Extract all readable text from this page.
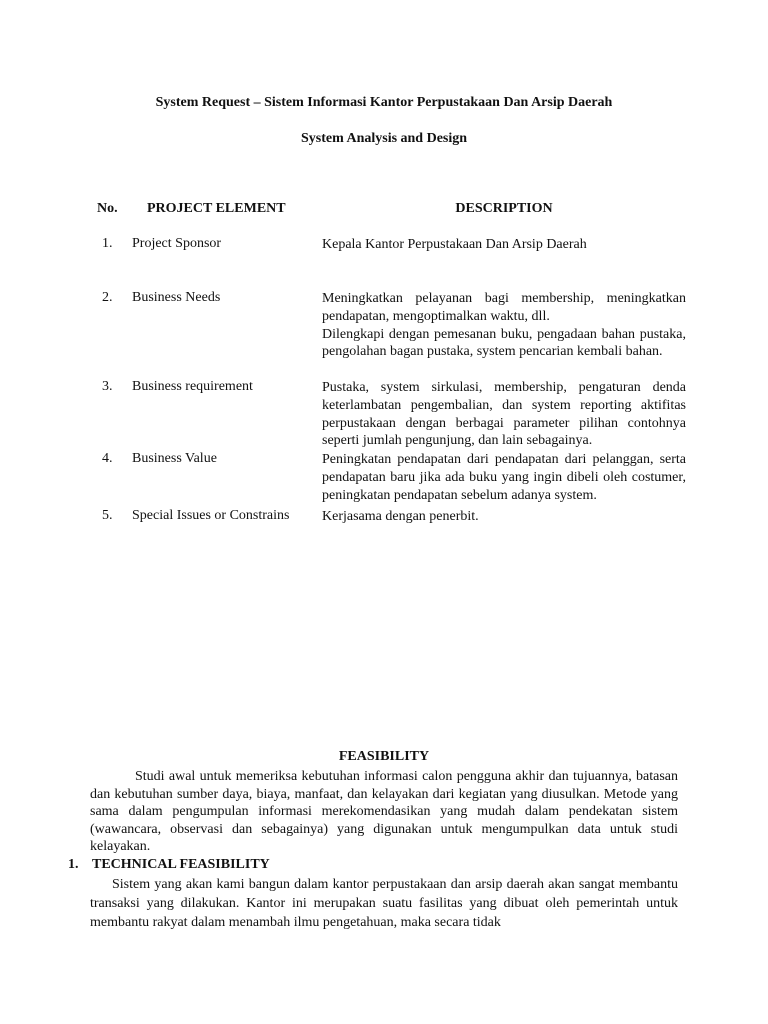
System Request – Sistem Informasi Kantor Perpustakaan Dan Arsip Daerah
System Analysis and Design
No. PROJECT ELEMENT	DESCRIPTION
1. Project Sponsor	Kepala Kantor Perpustakaan Dan Arsip Daerah
2. Business Needs	Meningkatkan pelayanan bagi membership, meningkatkan pendapatan, mengoptimalkan waktu, dll.
Dilengkapi dengan pemesanan buku, pengadaan bahan pustaka, pengolahan bagan pustaka, system pencarian kembali bahan.
3. Business requirement	Pustaka, system sirkulasi, membership, pengaturan denda keterlambatan pengembalian, dan system reporting aktifitas perpustakaan dengan berbagai parameter pilihan contohnya seperti jumlah pengunjung, dan lain sebagainya.
4. Business Value	Peningkatan pendapatan dari pendapatan dari pelanggan, serta pendapatan baru jika ada buku yang ingin dibeli oleh costumer, peningkatan pendapatan sebelum adanya system.
5. Special Issues or Constrains	Kerjasama dengan penerbit.
FEASIBILITY
Studi awal untuk memeriksa kebutuhan informasi calon pengguna akhir dan tujuannya, batasan dan kebutuhan sumber daya, biaya, manfaat, dan kelayakan dari kegiatan yang diusulkan. Metode yang sama dalam pengumpulan informasi merekomendasikan yang mudah dalam pendekatan sistem (wawancara, observasi dan sebagainya) yang digunakan untuk mengumpulkan data untuk studi kelayakan.
1. TECHNICAL FEASIBILITY
Sistem yang akan kami bangun dalam kantor perpustakaan dan arsip daerah akan sangat membantu transaksi yang dilakukan. Kantor ini merupakan suatu fasilitas yang dibuat oleh pemerintah untuk membantu rakyat dalam menambah ilmu pengetahuan, maka secara tidak
